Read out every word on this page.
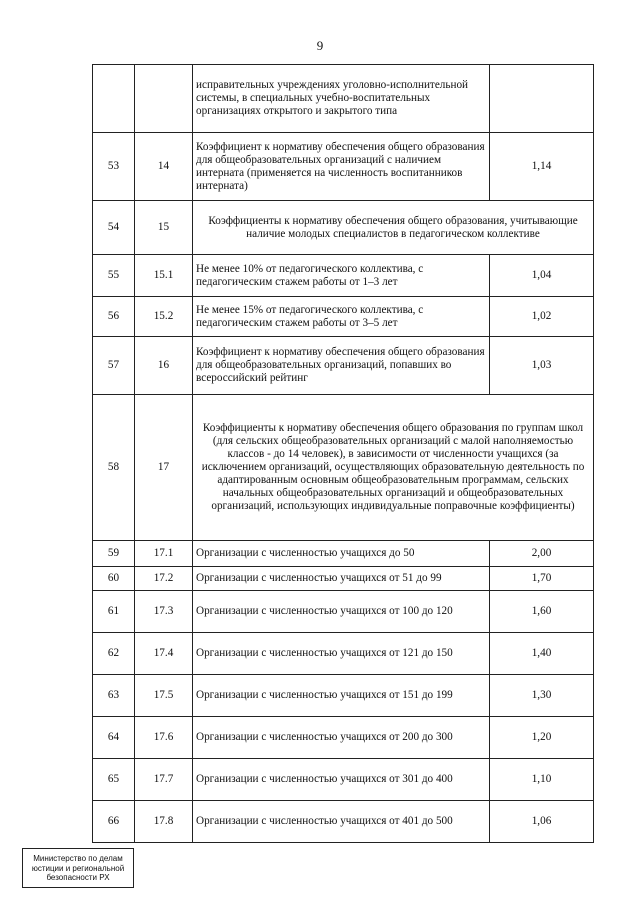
9
		исправительных учреждениях уголовно-исполнительной системы, в специальных учебно-воспитательных организациях открытого и закрытого типа	
53	14	Коэффициент к нормативу обеспечения общего образования для общеобразовательных организаций с наличием интерната (применяется на численность воспитанников интерната)	1,14
54	15	Коэффициенты к нормативу обеспечения общего образования, учитывающие наличие молодых специалистов в педагогическом коллективе	
55	15.1	Не менее 10% от педагогического коллектива, с педагогическим стажем работы от 1–3 лет	1,04
56	15.2	Не менее 15% от педагогического коллектива, с педагогическим стажем работы от 3–5 лет	1,02
57	16	Коэффициент к нормативу обеспечения общего образования для общеобразовательных организаций, попавших во всероссийский рейтинг	1,03
58	17	Коэффициенты к нормативу обеспечения общего образования по группам школ (для сельских общеобразовательных организаций с малой наполняемостью классов - до 14 человек), в зависимости от численности учащихся (за исключением организаций, осуществляющих образовательную деятельность по адаптированным основным общеобразовательным программам, сельских начальных общеобразовательных организаций и общеобразовательных организаций, использующих индивидуальные поправочные коэффициенты)	
59	17.1	Организации с численностью учащихся до 50	2,00
60	17.2	Организации с численностью учащихся от 51 до 99	1,70
61	17.3	Организации с численностью учащихся от 100 до 120	1,60
62	17.4	Организации с численностью учащихся от 121 до 150	1,40
63	17.5	Организации с численностью учащихся от 151 до 199	1,30
64	17.6	Организации с численностью учащихся от 200 до 300	1,20
65	17.7	Организации с численностью учащихся от 301 до 400	1,10
66	17.8	Организации с численностью учащихся от 401 до 500	1,06
Министерство по делам
юстиции и региональной
безопасности РХ
